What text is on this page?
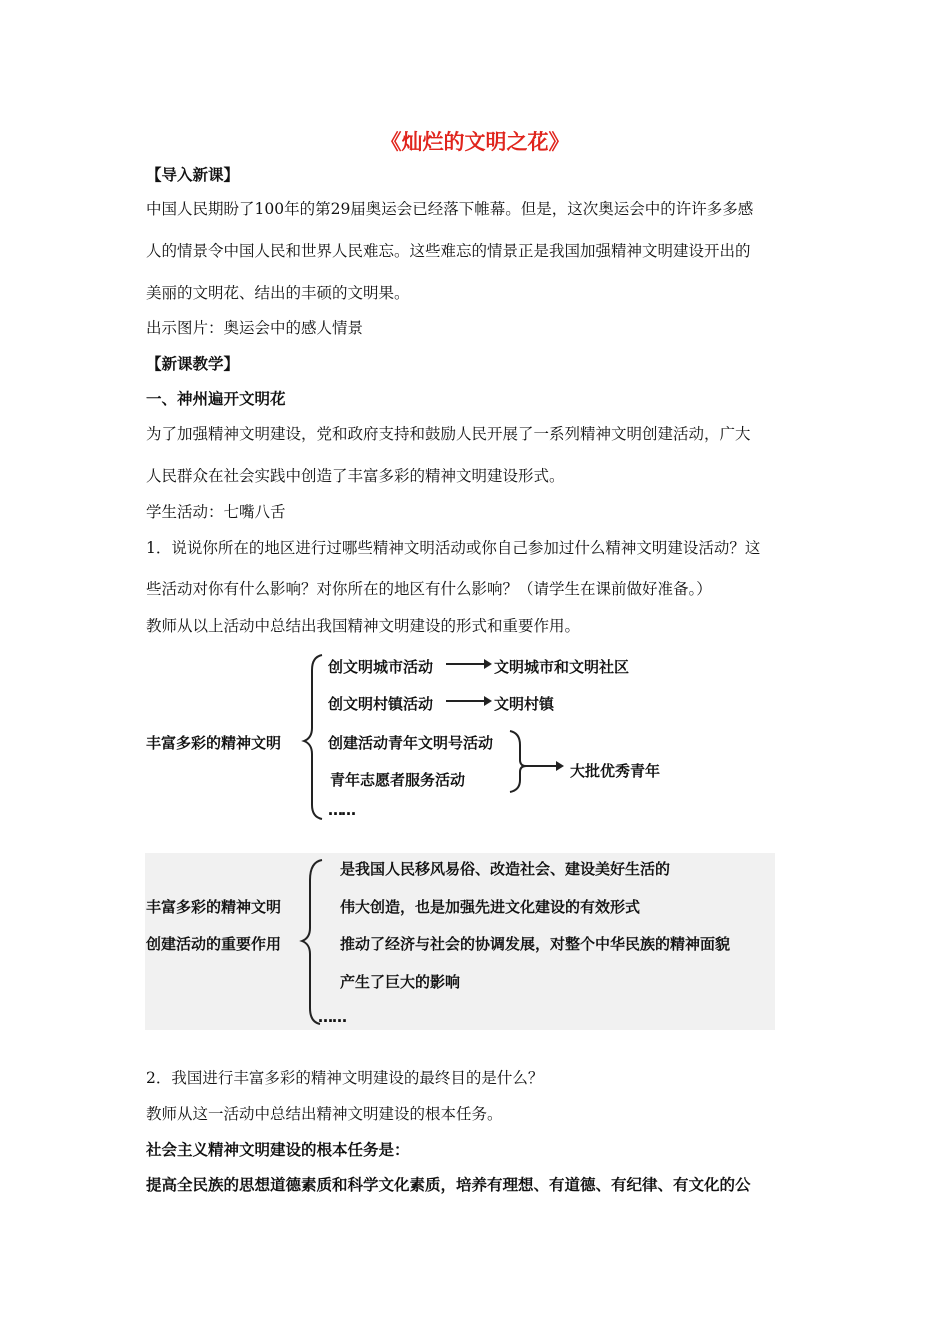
《灿烂的文明之花》
【导入新课】
中国人民期盼了100年的第29届奥运会已经落下帷幕。但是，这次奥运会中的许许多多感
人的情景令中国人民和世界人民难忘。这些难忘的情景正是我国加强精神文明建设开出的
美丽的文明花、结出的丰硕的文明果。
出示图片：奥运会中的感人情景
【新课教学】
一、神州遍开文明花
为了加强精神文明建设，党和政府支持和鼓励人民开展了一系列精神文明创建活动，广大
人民群众在社会实践中创造了丰富多彩的精神文明建设形式。
学生活动：七嘴八舌
1．说说你所在的地区进行过哪些精神文明活动或你自己参加过什么精神文明建设活动？这
些活动对你有什么影响？对你所在的地区有什么影响？（请学生在课前做好准备。）
教师从以上活动中总结出我国精神文明建设的形式和重要作用。
丰富多彩的精神文明
创文明城市活动	文明城市和文明社区
创文明村镇活动	文明村镇
创建活动青年文明号活动
青年志愿者服务活动
……
大批优秀青年
丰富多彩的精神文明
创建活动的重要作用
是我国人民移风易俗、改造社会、建设美好生活的
伟大创造，也是加强先进文化建设的有效形式
推动了经济与社会的协调发展，对整个中华民族的精神面貌
产生了巨大的影响
……
2．我国进行丰富多彩的精神文明建设的最终目的是什么？
教师从这一活动中总结出精神文明建设的根本任务。
社会主义精神文明建设的根本任务是：
提高全民族的思想道德素质和科学文化素质，培养有理想、有道德、有纪律、有文化的公
